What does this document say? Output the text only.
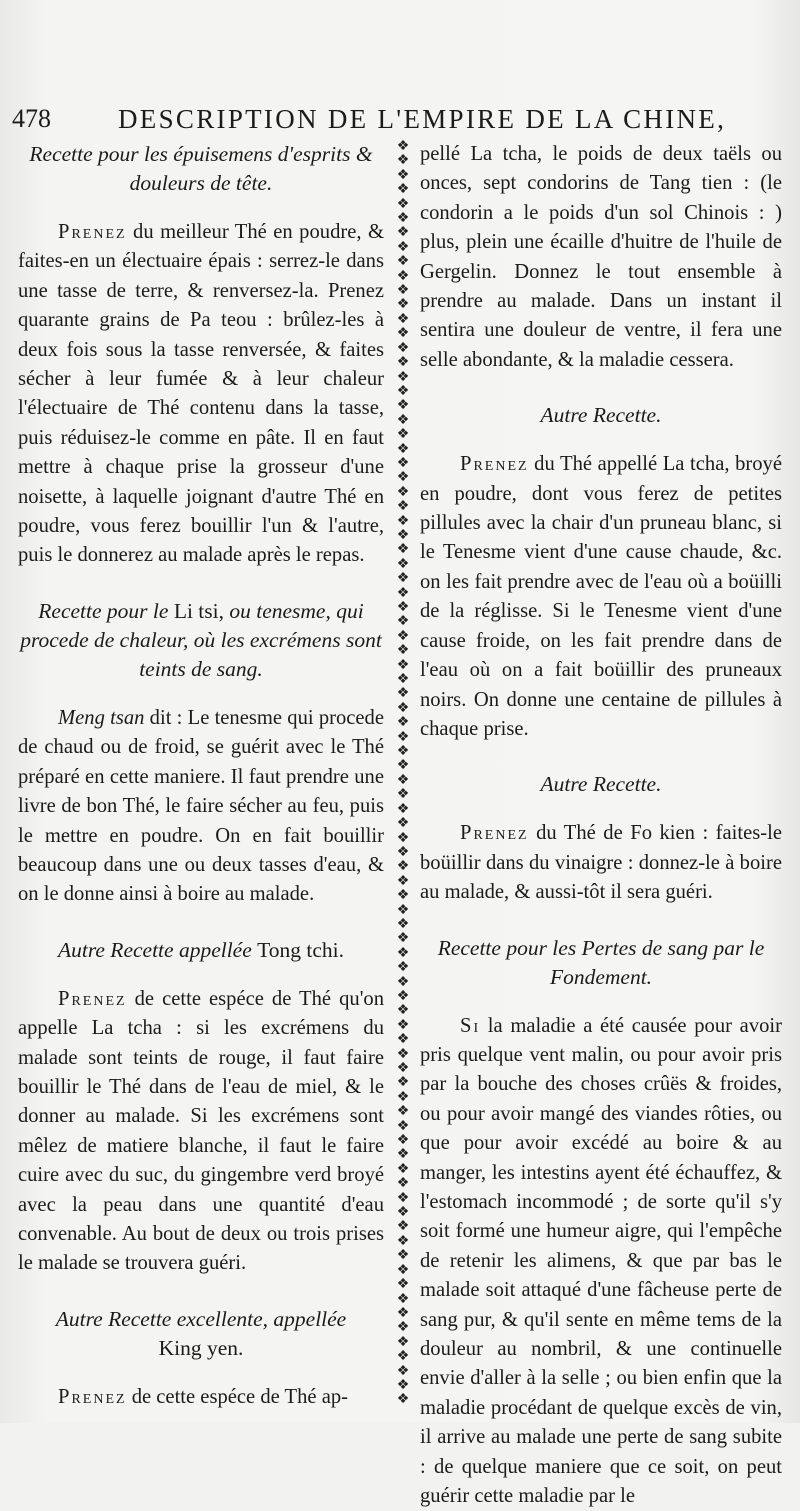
478 DESCRIPTION DE L'EMPIRE DE LA CHINE,
Recette pour les épuisemens d'esprits & douleurs de tête.
Prenez du meilleur Thé en poudre, & faites-en un électuaire épais : serrez-le dans une tasse de terre, & renversez-la. Prenez quarante grains de Pa teou : brûlez-les à deux fois sous la tasse renversée, & faites sécher à leur fumée & à leur chaleur l'électuaire de Thé contenu dans la tasse, puis réduisez-le comme en pâte. Il en faut mettre à chaque prise la grosseur d'une noisette, à laquelle joignant d'autre Thé en poudre, vous ferez bouillir l'un & l'autre, puis le donnerez au malade après le repas.
Recette pour le Li tsi, ou tenesme, qui procede de chaleur, où les excrémens sont teints de sang.
Meng tsan dit : Le tenesme qui procede de chaud ou de froid, se guérit avec le Thé préparé en cette maniere. Il faut prendre une livre de bon Thé, le faire sécher au feu, puis le mettre en poudre. On en fait bouillir beaucoup dans une ou deux tasses d'eau, & on le donne ainsi à boire au malade.
Autre Recette appellée Tong tchi.
Prenez de cette espéce de Thé qu'on appelle La tcha : si les excrémens du malade sont teints de rouge, il faut faire bouillir le Thé dans de l'eau de miel, & le donner au malade. Si les excrémens sont mêlez de matiere blanche, il faut le faire cuire avec du suc, du gingembre verd broyé avec la peau dans une quantité d'eau convenable. Au bout de deux ou trois prises le malade se trouvera guéri.
Autre Recette excellente, appellée
King yen.
Prenez de cette espéce de Thé ap-
❖
❖
❖
❖
❖
❖
❖
❖
❖
❖
❖
❖
❖
❖
❖
❖
❖
❖
❖
❖
❖
❖
❖
❖
❖
❖
❖
❖
❖
❖
❖
❖
❖
❖
❖
❖
❖
❖
❖
❖
❖
❖
❖
❖
❖
❖
❖
❖
❖
❖
❖
❖
❖
❖
❖
❖
❖
❖
❖
❖
❖
❖
❖
❖
❖
❖
❖
❖
❖
❖
❖
❖
❖
❖
❖
❖
❖
❖
❖
❖
❖
❖
❖
❖
❖
❖
❖
❖
pellé La tcha, le poids de deux taëls ou onces, sept condorins de Tang tien : (le condorin a le poids d'un sol Chinois : ) plus, plein une écaille d'huitre de l'huile de Gergelin. Donnez le tout ensemble à prendre au malade. Dans un instant il sentira une douleur de ventre, il fera une selle abondante, & la maladie cessera.
Autre Recette.
Prenez du Thé appellé La tcha, broyé en poudre, dont vous ferez de petites pillules avec la chair d'un pruneau blanc, si le Tenesme vient d'une cause chaude, &c. on les fait prendre avec de l'eau où a boüilli de la réglisse. Si le Tenesme vient d'une cause froide, on les fait prendre dans de l'eau où on a fait boüillir des pruneaux noirs. On donne une centaine de pillules à chaque prise.
Autre Recette.
Prenez du Thé de Fo kien : faites-le boüillir dans du vinaigre : donnez-le à boire au malade, & aussi-tôt il sera guéri.
Recette pour les Pertes de sang par le Fondement.
Si la maladie a été causée pour avoir pris quelque vent malin, ou pour avoir pris par la bouche des choses crûës & froides, ou pour avoir mangé des viandes rôties, ou que pour avoir excédé au boire & au manger, les intestins ayent été échauffez, & l'estomach incommodé ; de sorte qu'il s'y soit formé une humeur aigre, qui l'empêche de retenir les alimens, & que par bas le malade soit attaqué d'une fâcheuse perte de sang pur, & qu'il sente en même tems de la douleur au nombril, & une continuelle envie d'aller à la selle ; ou bien enfin que la maladie procédant de quelque excès de vin, il arrive au malade une perte de sang subite : de quelque maniere que ce soit, on peut guérir cette maladie par le
